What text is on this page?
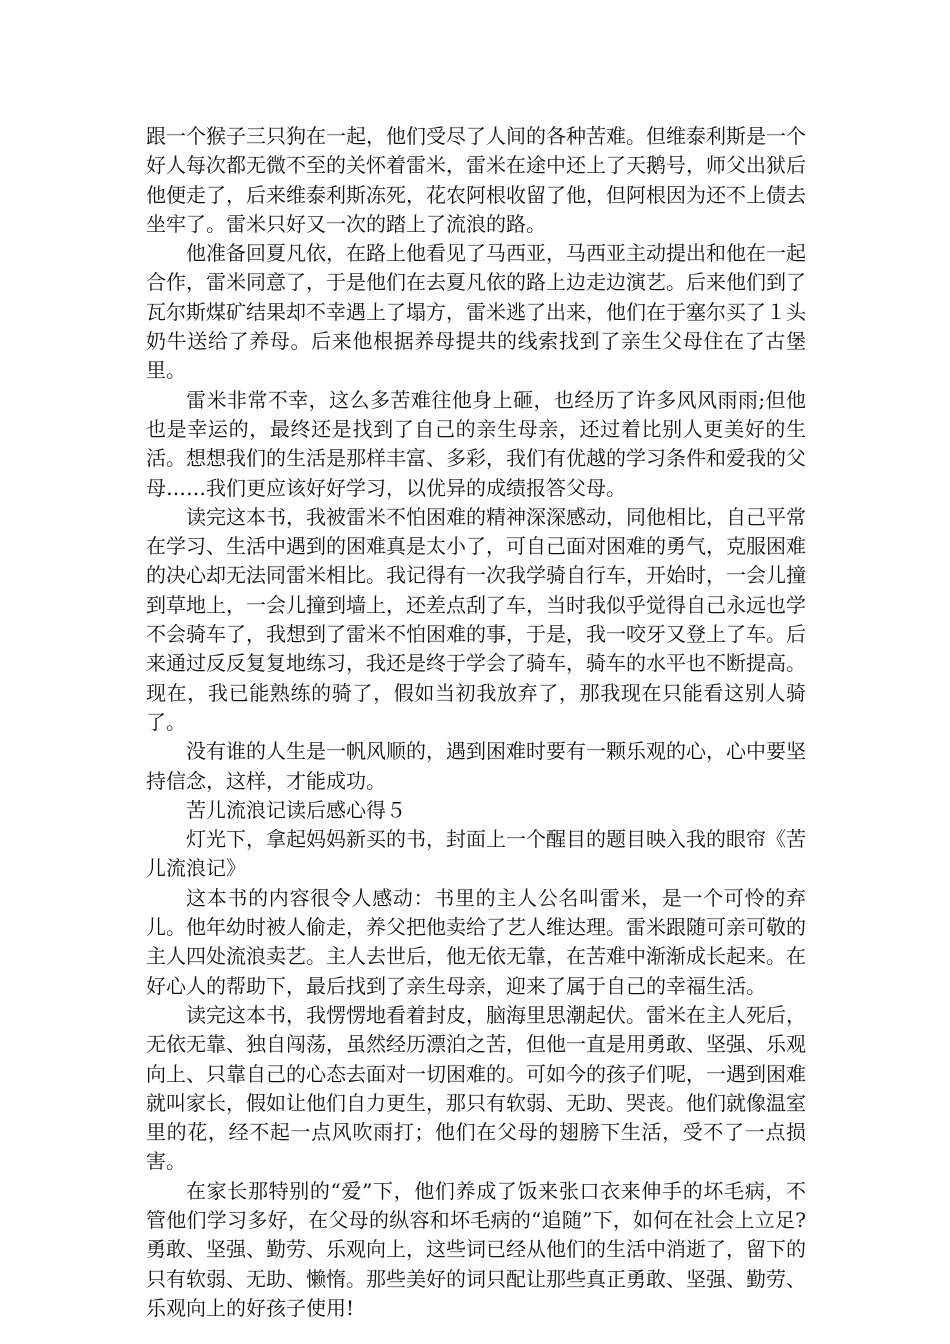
跟一个猴子三只狗在一起，他们受尽了人间的各种苦难。但维泰利斯是一个好人每次都无微不至的关怀着雷米，雷米在途中还上了天鹅号，师父出狱后他便走了，后来维泰利斯冻死，花农阿根收留了他，但阿根因为还不上债去坐牢了。雷米只好又一次的踏上了流浪的路。

他准备回夏凡依，在路上他看见了马西亚，马西亚主动提出和他在一起合作，雷米同意了，于是他们在去夏凡依的路上边走边演艺。后来他们到了瓦尔斯煤矿结果却不幸遇上了塌方，雷米逃了出来，他们在于塞尔买了１头奶牛送给了养母。后来他根据养母提共的线索找到了亲生父母住在了古堡里。

雷米非常不幸，这么多苦难往他身上砸，也经历了许多风风雨雨;但他也是幸运的，最终还是找到了自己的亲生母亲，还过着比别人更美好的生活。想想我们的生活是那样丰富、多彩，我们有优越的学习条件和爱我的父母……我们更应该好好学习，以优异的成绩报答父母。

读完这本书，我被雷米不怕困难的精神深深感动，同他相比，自己平常在学习、生活中遇到的困难真是太小了，可自己面对困难的勇气，克服困难的决心却无法同雷米相比。我记得有一次我学骑自行车，开始时，一会儿撞到草地上，一会儿撞到墙上，还差点刮了车，当时我似乎觉得自己永远也学不会骑车了，我想到了雷米不怕困难的事，于是，我一咬牙又登上了车。后来通过反反复复地练习，我还是终于学会了骑车，骑车的水平也不断提高。现在，我已能熟练的骑了，假如当初我放弃了，那我现在只能看这别人骑了。

没有谁的人生是一帆风顺的，遇到困难时要有一颗乐观的心，心中要坚持信念，这样，才能成功。

苦儿流浪记读后感心得５

灯光下，拿起妈妈新买的书，封面上一个醒目的题目映入我的眼帘《苦儿流浪记》

这本书的内容很令人感动：书里的主人公名叫雷米，是一个可怜的弃儿。他年幼时被人偷走，养父把他卖给了艺人维达理。雷米跟随可亲可敬的主人四处流浪卖艺。主人去世后，他无依无靠，在苦难中渐渐成长起来。在好心人的帮助下，最后找到了亲生母亲，迎来了属于自己的幸福生活。

读完这本书，我愣愣地看着封皮，脑海里思潮起伏。雷米在主人死后，无依无靠、独自闯荡，虽然经历漂泊之苦，但他一直是用勇敢、坚强、乐观向上、只靠自己的心态去面对一切困难的。可如今的孩子们呢，一遇到困难就叫家长，假如让他们自力更生，那只有软弱、无助、哭丧。他们就像温室里的花，经不起一点风吹雨打；他们在父母的翅膀下生活，受不了一点损害。

在家长那特别的“爱”下，他们养成了饭来张口衣来伸手的坏毛病，不管他们学习多好，在父母的纵容和坏毛病的“追随”下，如何在社会上立足?勇敢、坚强、勤劳、乐观向上，这些词已经从他们的生活中消逝了，留下的只有软弱、无助、懒惰。那些美好的词只配让那些真正勇敢、坚强、勤劳、乐观向上的好孩子使用!
